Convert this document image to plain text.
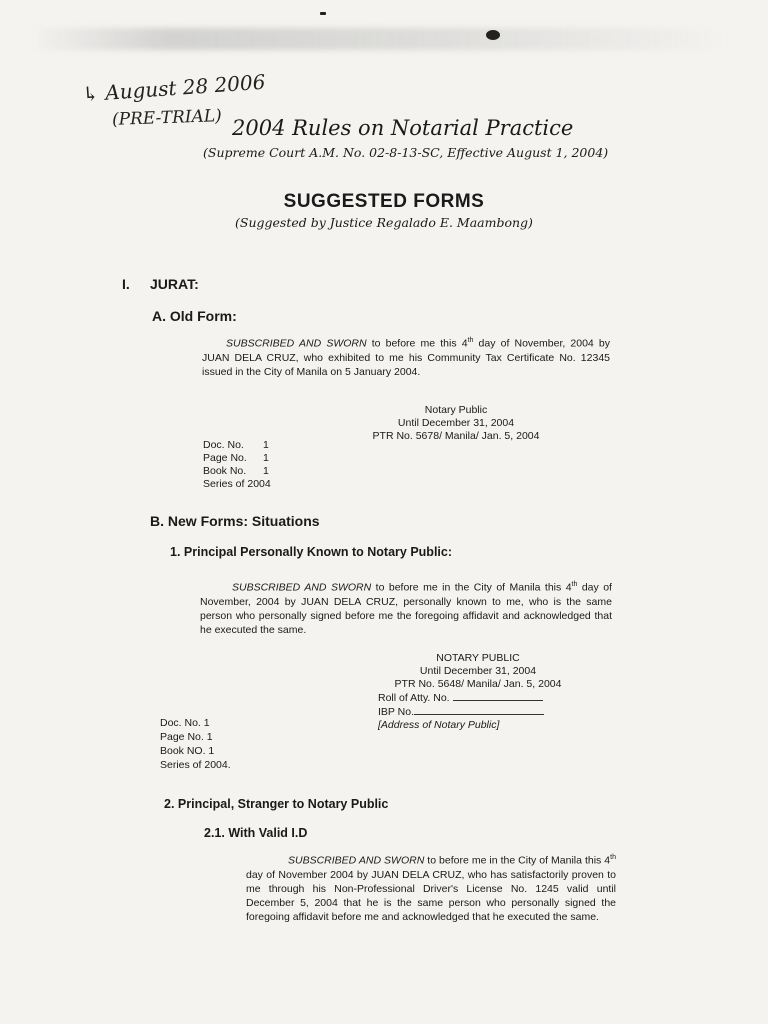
↳ August 28 2006
(PRE-TRIAL) 2004 Rules on Notarial Practice
(Supreme Court A.M. No. 02-8-13-SC, Effective August 1, 2004)
SUGGESTED FORMS
(Suggested by Justice Regalado E. Maambong)
I. JURAT:
A. Old Form:
SUBSCRIBED AND SWORN to before me this 4th day of November, 2004 by JUAN DELA CRUZ, who exhibited to me his Community Tax Certificate No. 12345 issued in the City of Manila on 5 January 2004.
Notary Public
Until December 31, 2004
PTR No. 5678/ Manila/ Jan. 5, 2004
Doc. No. 1
Page No. 1
Book No. 1
Series of 2004
B. New Forms: Situations
1. Principal Personally Known to Notary Public:
SUBSCRIBED AND SWORN to before me in the City of Manila this 4th day of November, 2004 by JUAN DELA CRUZ, personally known to me, who is the same person who personally signed before me the foregoing affidavit and acknowledged that he executed the same.
NOTARY PUBLIC
Until December 31, 2004
PTR No. 5648/ Manila/ Jan. 5, 2004
Roll of Atty. No.
IBP No.
[Address of Notary Public]
Doc. No. 1
Page No. 1
Book NO. 1
Series of 2004.
2. Principal, Stranger to Notary Public
2.1. With Valid I.D
SUBSCRIBED AND SWORN to before me in the City of Manila this 4th day of November 2004 by JUAN DELA CRUZ, who has satisfactorily proven to me through his Non-Professional Driver's License No. 1245 valid until December 5, 2004 that he is the same person who personally signed the foregoing affidavit before me and acknowledged that he executed the same.
